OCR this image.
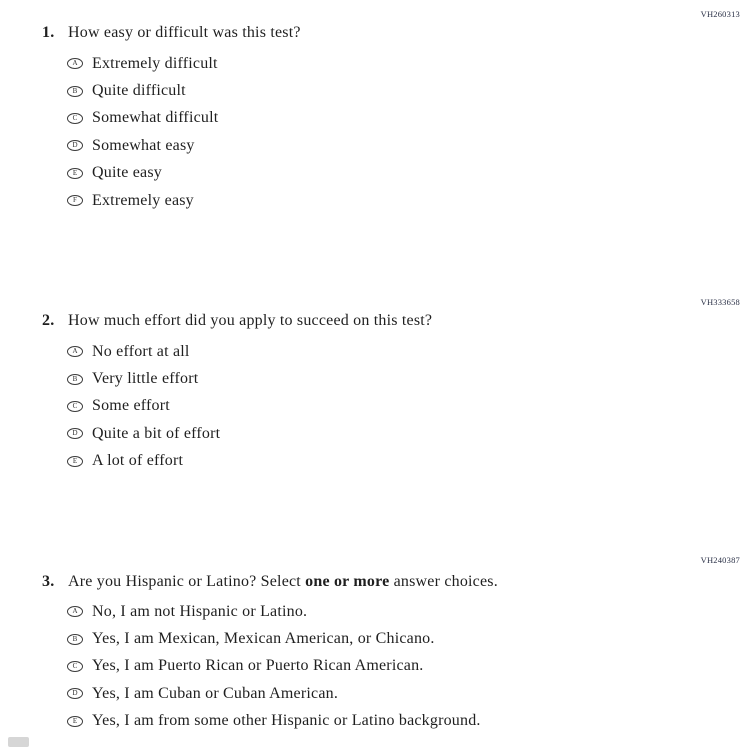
VH260313
1. How easy or difficult was this test?
A Extremely difficult
B Quite difficult
C Somewhat difficult
D Somewhat easy
E Quite easy
F Extremely easy
VH333658
2. How much effort did you apply to succeed on this test?
A No effort at all
B Very little effort
C Some effort
D Quite a bit of effort
E A lot of effort
VH240387
3. Are you Hispanic or Latino? Select one or more answer choices.
A No, I am not Hispanic or Latino.
B Yes, I am Mexican, Mexican American, or Chicano.
C Yes, I am Puerto Rican or Puerto Rican American.
D Yes, I am Cuban or Cuban American.
E Yes, I am from some other Hispanic or Latino background.
